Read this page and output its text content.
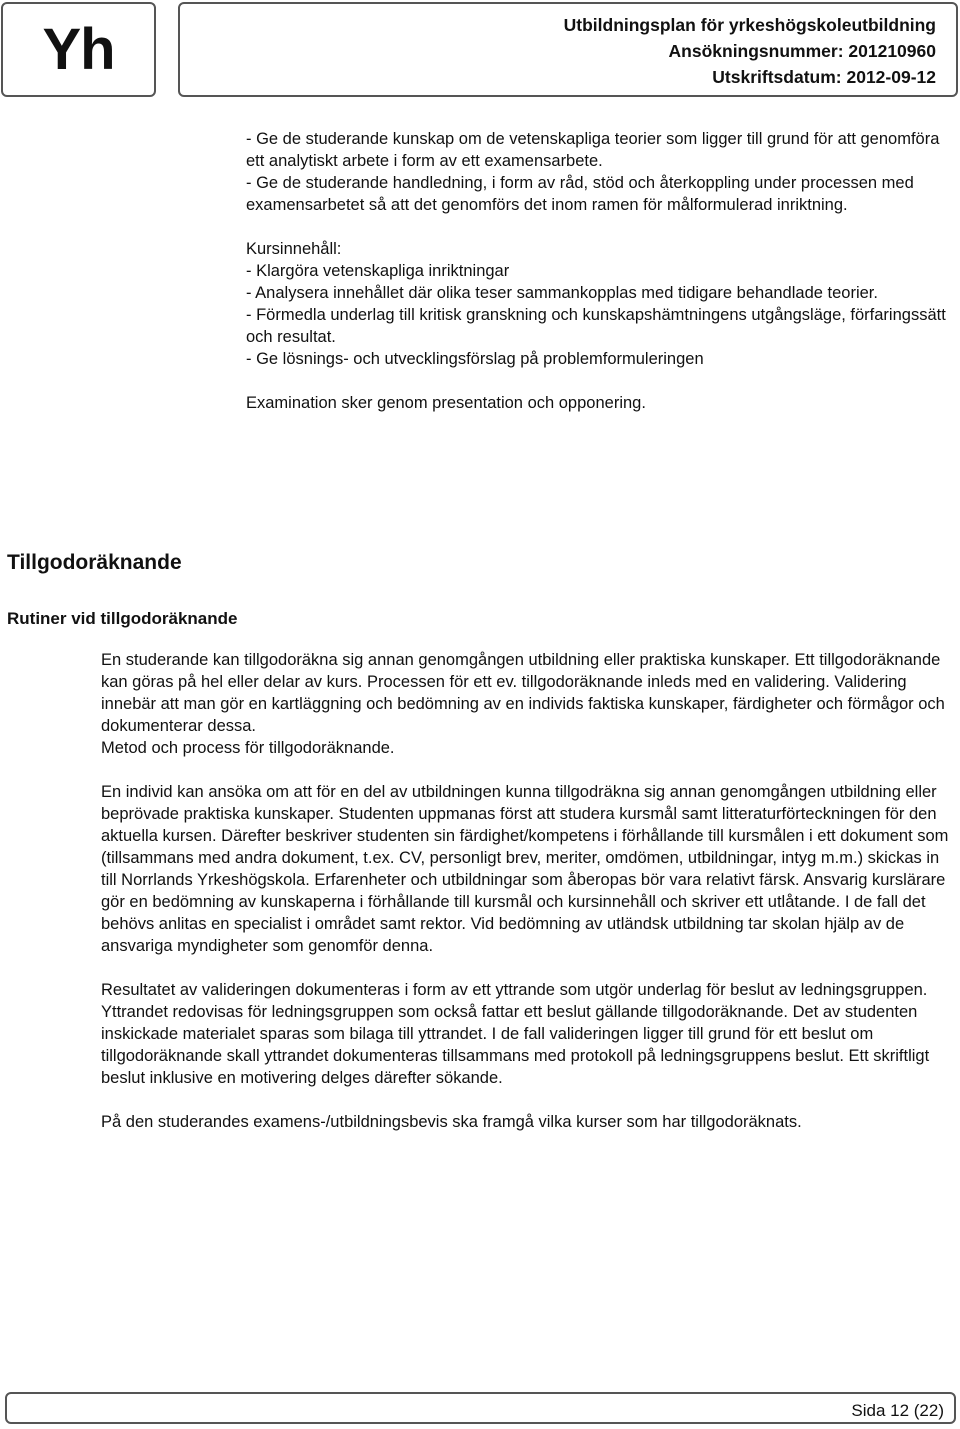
Yh	Utbildningsplan för yrkeshögskoleutbildning
Ansökningsnummer: 201210960
Utskriftsdatum: 2012-09-12

- Ge de studerande kunskap om de vetenskapliga teorier som ligger till grund för att genomföra ett analytiskt arbete i form av ett examensarbete.

- Ge de studerande handledning, i form av råd, stöd och återkoppling under processen med examensarbetet så att det genomförs det inom ramen för målformulerad inriktning.

Kursinnehåll:

- Klargöra vetenskapliga inriktningar

- Analysera innehållet där olika teser sammankopplas med tidigare behandlade teorier.

- Förmedla underlag till kritisk granskning och kunskapshämtningens utgångsläge, förfaringssätt och resultat.

- Ge lösnings- och utvecklingsförslag på problemformuleringen

Examination sker genom presentation och opponering.

Tillgodoräknande
Rutiner vid tillgodoräknande

En studerande kan tillgodoräkna sig annan genomgången utbildning eller praktiska kunskaper. Ett tillgodoräknande kan göras på hel eller delar av kurs. Processen för ett ev. tillgodoräknande inleds med en validering. Validering innebär att man gör en kartläggning och bedömning av en individs faktiska kunskaper, färdigheter och förmågor och dokumenterar dessa.
Metod och process för tillgodoräknande.

En individ kan ansöka om att för en del av utbildningen kunna tillgodräkna sig annan genomgången utbildning eller beprövade praktiska kunskaper. Studenten uppmanas först att studera kursmål samt litteraturförteckningen för den aktuella kursen. Därefter beskriver studenten sin färdighet/kompetens i förhållande till kursmålen i ett dokument som (tillsammans med andra dokument, t.ex. CV, personligt brev, meriter, omdömen, utbildningar, intyg m.m.) skickas in till Norrlands Yrkeshögskola. Erfarenheter och utbildningar som åberopas bör vara relativt färsk. Ansvarig kurslärare gör en bedömning av kunskaperna i förhållande till kursmål och kursinnehåll och skriver ett utlåtande. I de fall det behövs anlitas en specialist i området samt rektor. Vid bedömning av utländsk utbildning tar skolan hjälp av de ansvariga myndigheter som genomför denna.

Resultatet av valideringen dokumenteras i form av ett yttrande som utgör underlag för beslut av ledningsgruppen. Yttrandet redovisas för ledningsgruppen som också fattar ett beslut gällande tillgodoräknande. Det av studenten inskickade materialet sparas som bilaga till yttrandet. I de fall valideringen ligger till grund för ett beslut om tillgodoräknande skall yttrandet dokumenteras tillsammans med protokoll på ledningsgruppens beslut. Ett skriftligt beslut inklusive en motivering delges därefter sökande.

På den studerandes examens-/utbildningsbevis ska framgå vilka kurser som har tillgodoräknats.

Sida 12 (22)
